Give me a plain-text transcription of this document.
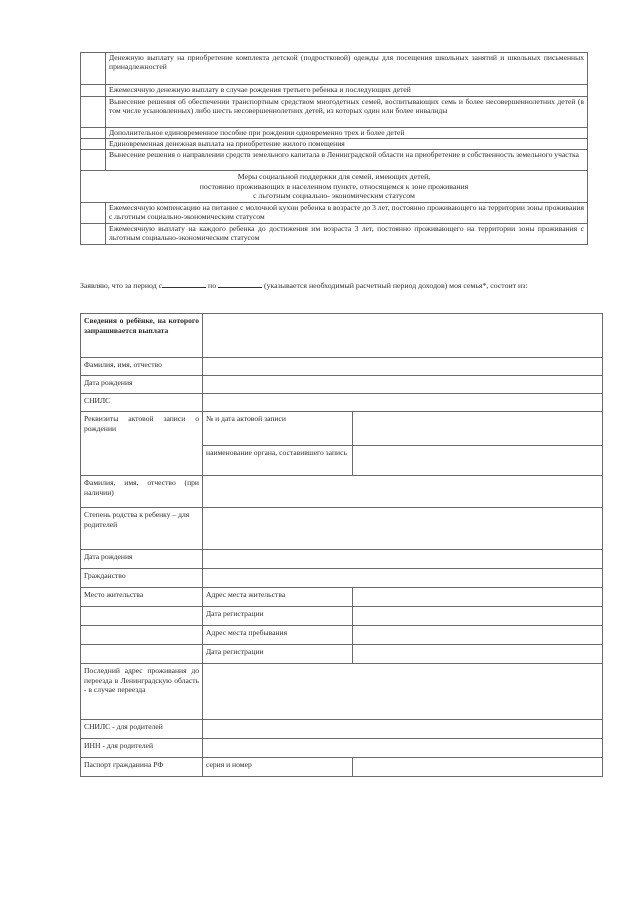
	Денежную выплату на приобретение комплекта детской (подростковой) одежды для посещения школьных занятий и школьных письменных принадлежностей
	Ежемесячную денежную выплату в случае рождения третьего ребенка и последующих детей
	Вынесение решения об обеспечении транспортным средством многодетных семей, воспитывающих семь и более несовершеннолетних детей (в том числе усыновленных) либо шесть несовершеннолетних детей, из которых один или более инвалиды
	Дополнительное единовременное пособие при рождении одновременно трех и более детей
	Единовременная денежная выплата на приобретение жилого помещения
	Вынесение решения о направлении средств земельного капитала в Ленинградской области на приобретение в собственность земельного участка

Меры социальной поддержки для семей, имеющих детей,
постоянно проживающих в населенном пункте, относящемся к зоне проживания
с льготным социально- экономическим статусом	

	Ежемесячную компенсацию на питание с молочной кухни ребенка в возрасте до 3 лет, постоянно проживающего на территории зоны проживания с льготным социально-экономическим статусом
	Ежемесячную выплату на каждого ребенка до достижения им возраста 3 лет, постоянно проживающего на территории зоны проживания с льготным социально-экономическим статусом
Заявляю, что за период с	по	(указывается необходимый расчетный период доходов) моя семья*, состоит из:
Сведения о ребёнке, на которого запрашивается выплата		
Фамилия, имя, отчество		
Дата рождения		
СНИЛС		
Реквизиты актовой записи о рождении	№ и дата актовой записи	
	наименование органа, составившего запись	
Фамилия, имя, отчество (при наличии)		
Степень родства к ребенку – для родителей		
Дата рождения		
Гражданство		
Место жительства	Адрес места жительства	
	Дата регистрации	
	Адрес места пребывания	
	Дата регистрации	
Последний адрес проживания до переезда в Ленинградскую область - в случае переезда		
СНИЛС - для родителей		
ИНН - для родителей		
Паспорт гражданина РФ	серия и номер	
